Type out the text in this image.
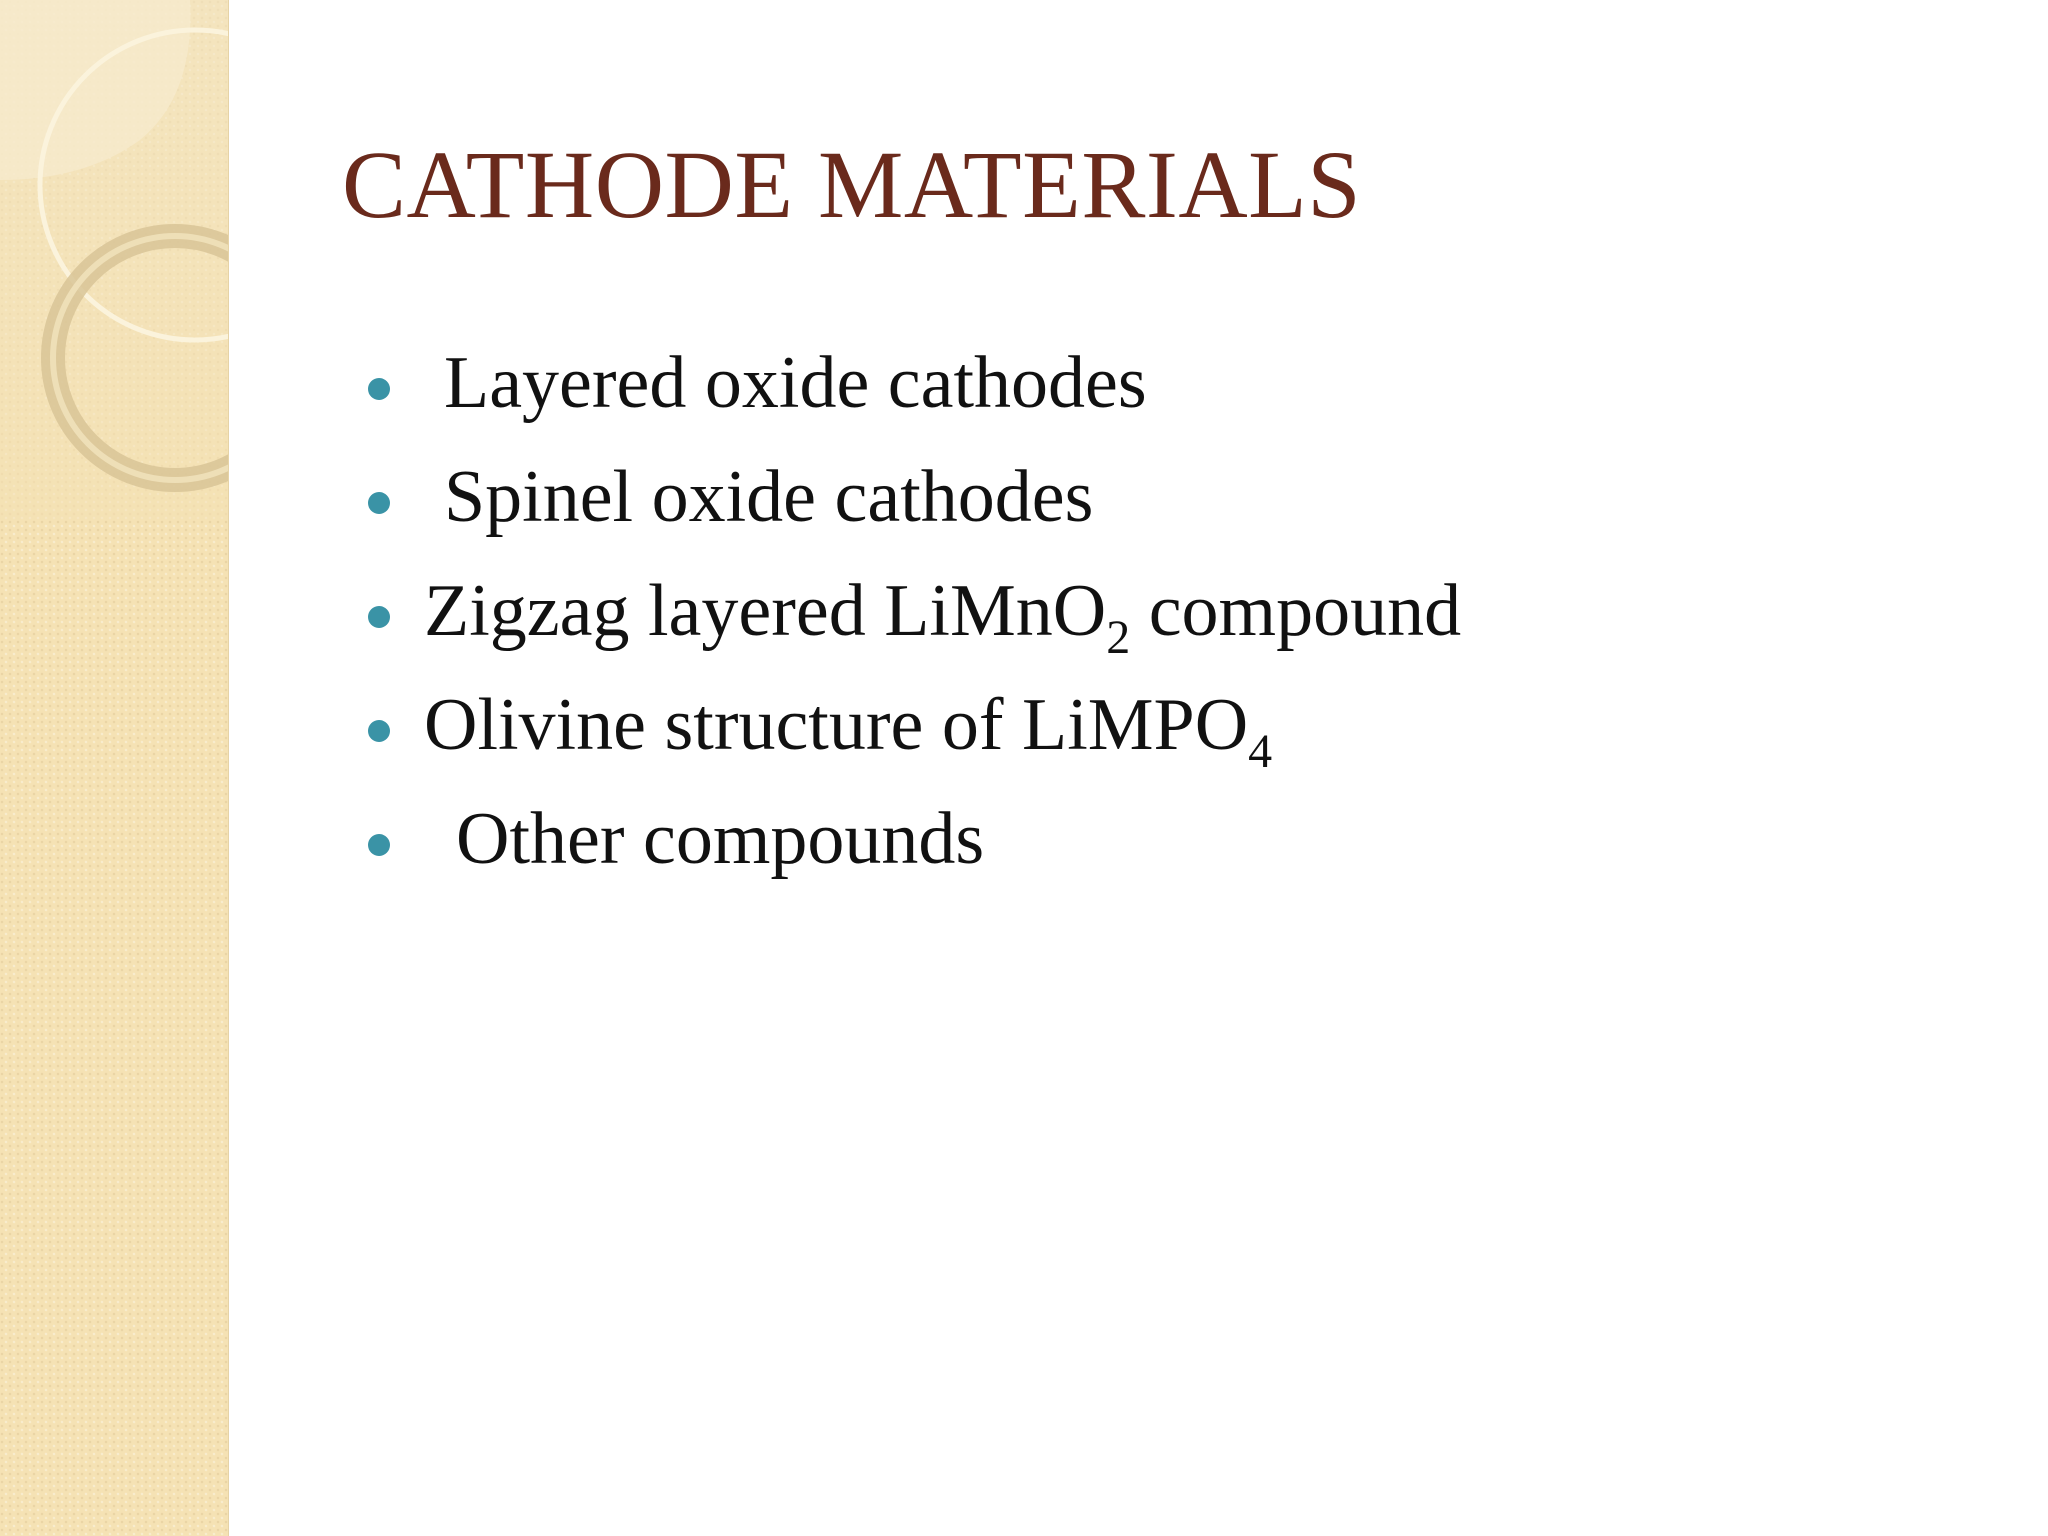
CATHODE MATERIALS
Layered oxide cathodes
Spinel oxide cathodes
Zigzag layered LiMnO$_2$ compound
Olivine structure of LiMPO$_4$
Other compounds
